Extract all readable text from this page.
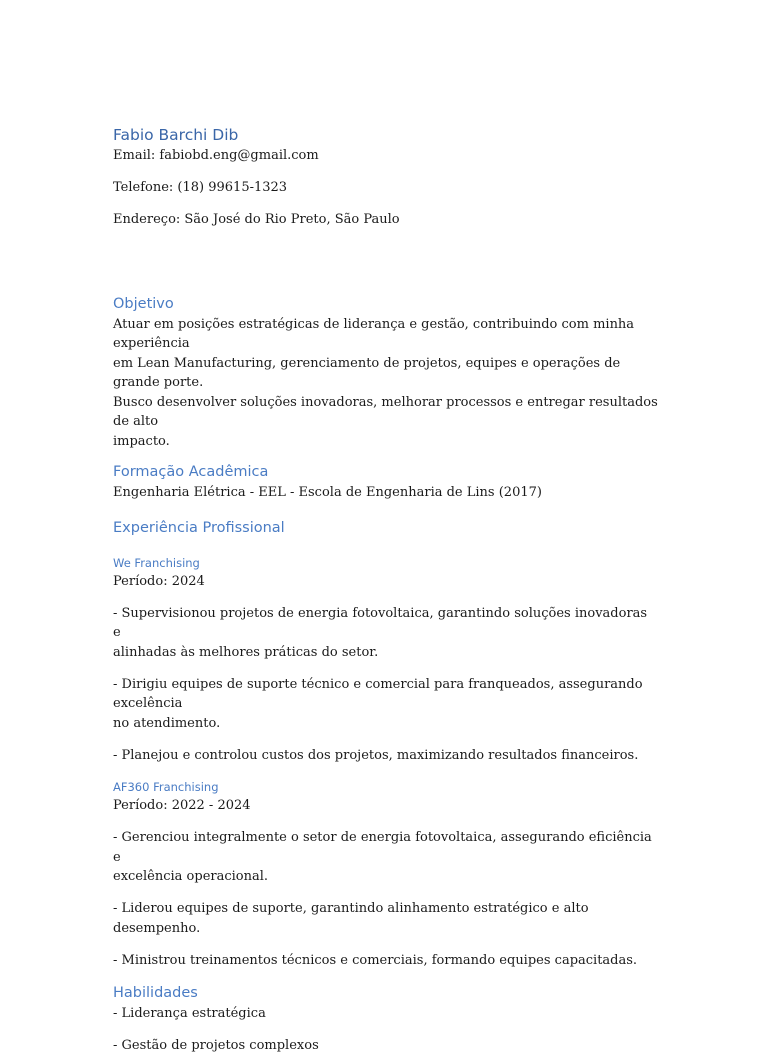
Fabio Barchi Dib
Email: fabiobd.eng@gmail.com
Telefone: (18) 99615-1323
Endereço: São José do Rio Preto, São Paulo
Objetivo
Atuar em posições estratégicas de liderança e gestão, contribuindo com minha experiência
em Lean Manufacturing, gerenciamento de projetos, equipes e operações de grande porte.
Busco desenvolver soluções inovadoras, melhorar processos e entregar resultados de alto
impacto.
Formação Acadêmica
Engenharia Elétrica - EEL - Escola de Engenharia de Lins (2017)
Experiência Profissional
We Franchising
Período: 2024
- Supervisionou projetos de energia fotovoltaica, garantindo soluções inovadoras e
alinhadas às melhores práticas do setor.
- Dirigiu equipes de suporte técnico e comercial para franqueados, assegurando excelência
no atendimento.
- Planejou e controlou custos dos projetos, maximizando resultados financeiros.
AF360 Franchising
Período: 2022 - 2024
- Gerenciou integralmente o setor de energia fotovoltaica, assegurando eficiência e
excelência operacional.
- Liderou equipes de suporte, garantindo alinhamento estratégico e alto desempenho.
- Ministrou treinamentos técnicos e comerciais, formando equipes capacitadas.
Habilidades
- Liderança estratégica
- Gestão de projetos complexos
